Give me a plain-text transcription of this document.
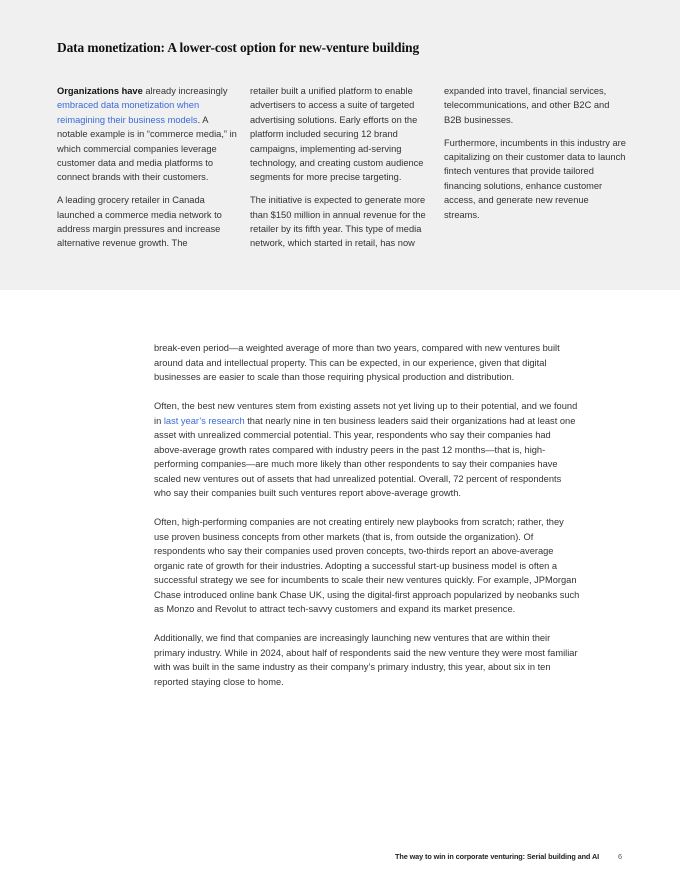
Data monetization: A lower-cost option for new-venture building

Organizations have already increasingly embraced data monetization when reimagining their business models. A notable example is in “commerce media,” in which commercial companies leverage customer data and media platforms to connect brands with their customers.

A leading grocery retailer in Canada launched a commerce media network to address margin pressures and increase alternative revenue growth. The

retailer built a unified platform to enable advertisers to access a suite of targeted advertising solutions. Early efforts on the platform included securing 12 brand campaigns, implementing ad-serving technology, and creating custom audience segments for more precise targeting.

The initiative is expected to generate more than $150 million in annual revenue for the retailer by its fifth year. This type of media network, which started in retail, has now

expanded into travel, financial services, telecommunications, and other B2C and B2B businesses.

Furthermore, incumbents in this industry are capitalizing on their customer data to launch fintech ventures that provide tailored financing solutions, enhance customer access, and generate new revenue streams.

break-even period—a weighted average of more than two years, compared with new ventures built around data and intellectual property. This can be expected, in our experience, given that digital businesses are easier to scale than those requiring physical production and distribution.

Often, the best new ventures stem from existing assets not yet living up to their potential, and we found in last year’s research that nearly nine in ten business leaders said their organizations had at least one asset with unrealized commercial potential. This year, respondents who say their companies had above-average growth rates compared with industry peers in the past 12 months—that is, high-performing companies—are much more likely than other respondents to say their companies have scaled new ventures out of assets that had unrealized potential. Overall, 72 percent of respondents who say their companies built such ventures report above-average growth.

Often, high-performing companies are not creating entirely new playbooks from scratch; rather, they use proven business concepts from other markets (that is, from outside the organization). Of respondents who say their companies used proven concepts, two-thirds report an above-average organic rate of growth for their industries. Adopting a successful start-up business model is often a successful strategy we see for incumbents to scale their new ventures quickly. For example, JPMorgan Chase introduced online bank Chase UK, using the digital-first approach popularized by neobanks such as Monzo and Revolut to attract tech-savvy customers and expand its market presence.

Additionally, we find that companies are increasingly launching new ventures that are within their primary industry. While in 2024, about half of respondents said the new venture they were most familiar with was built in the same industry as their company’s primary industry, this year, about six in ten reported staying close to home.

The way to win in corporate venturing: Serial building and AI	6
